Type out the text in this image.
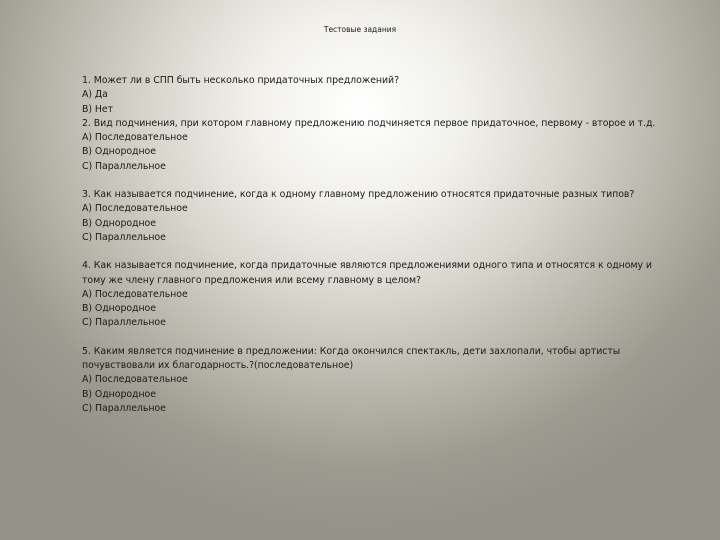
Тестовые задания
1. Может ли в СПП быть несколько придаточных предложений?
А) Да
В) Нет
2. Вид подчинения, при котором главному предложению подчиняется первое придаточное, первому - второе и т.д.
А) Последовательное
В) Однородное
С) Параллельное
3. Как называется подчинение, когда к одному главному предложению относятся придаточные разных типов?
А) Последовательное
В) Однородное
С) Параллельное
4. Как называется подчинение, когда придаточные являются предложениями одного типа и относятся к одному и
тому же члену главного предложения или всему главному в целом?
А) Последовательное
В) Однородное
С) Параллельное
5. Каким является подчинение в предложении: Когда окончился спектакль, дети захлопали, чтобы артисты
почувствовали их благодарность.?(последовательное)
А) Последовательное
В) Однородное
С) Параллельное
